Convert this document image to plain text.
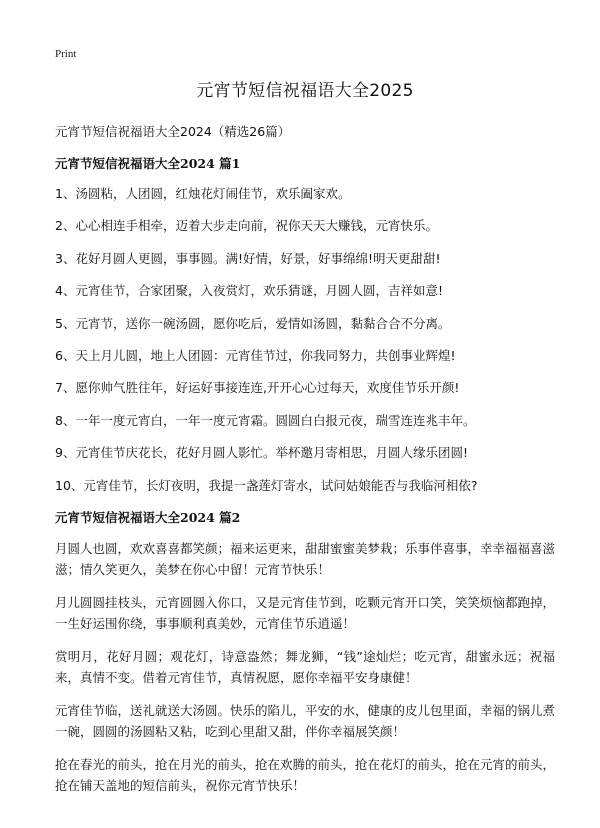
Print
元宵节短信祝福语大全2025

元宵节短信祝福语大全2024（精选26篇）

元宵节短信祝福语大全2024 篇1

1、汤圆粘，人团圆，红烛花灯闹佳节，欢乐阖家欢。

2、心心相连手相牵，迈着大步走向前，祝你天天大赚钱，元宵快乐。

3、花好月圆人更圆，事事圆。满!好情，好景，好事绵绵!明天更甜甜!

4、元宵佳节，合家团聚，入夜赏灯，欢乐猜谜，月圆人圆，吉祥如意!

5、元宵节，送你一碗汤圆，愿你吃后，爱情如汤圆，黏黏合合不分离。

6、天上月儿圆，地上人团圆：元宵佳节过，你我同努力，共创事业辉煌!

7、愿你帅气胜往年，好运好事接连连,开开心心过每天，欢度佳节乐开颜!

8、一年一度元宵白，一年一度元宵霜。圆圆白白报元夜，瑞雪连连兆丰年。

9、元宵佳节庆花长，花好月圆人影忙。举杯邀月寄相思，月圆人缘乐团圆!

10、元宵佳节，长灯夜明，我提一盏莲灯寄水，试问姑娘能否与我临河相依?

元宵节短信祝福语大全2024 篇2

月圆人也圆，欢欢喜喜都笑颜；福来运更来，甜甜蜜蜜美梦栽；乐事伴喜事，幸幸福福喜滋滋；情久笑更久，美梦在你心中留！元宵节快乐！

月儿圆圆挂枝头，元宵圆圆入你口，又是元宵佳节到，吃颗元宵开口笑，笑笑烦恼都跑掉，一生好运围你绕，事事顺利真美妙，元宵佳节乐逍遥！

赏明月，花好月圆；观花灯，诗意盎然；舞龙狮，“钱”途灿烂；吃元宵，甜蜜永远；祝福来，真情不变。借着元宵佳节，真情祝愿，愿你幸福平安身康健！

元宵佳节临，送礼就送大汤圆。快乐的陷儿，平安的水，健康的皮儿包里面，幸福的锅儿煮一碗，圆圆的汤圆粘又粘，吃到心里甜又甜，伴你幸福展笑颜！

抢在春光的前头，抢在月光的前头，抢在欢腾的前头，抢在花灯的前头，抢在元宵的前头，抢在铺天盖地的短信前头，祝你元宵节快乐！
